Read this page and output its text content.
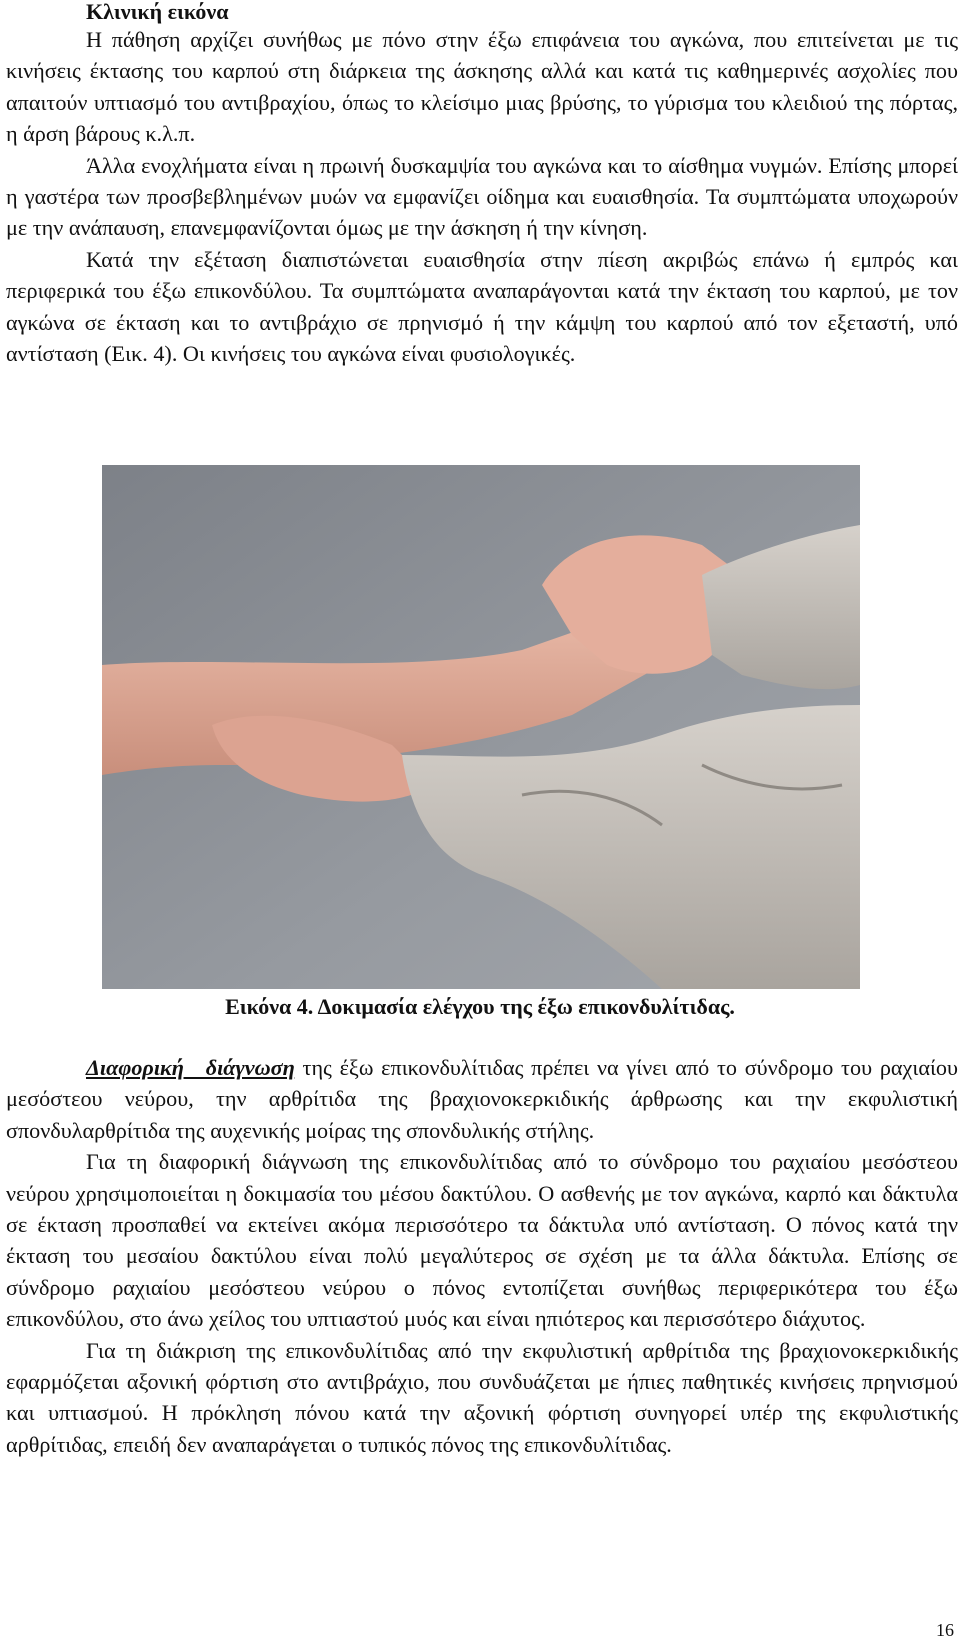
Κλινική εικόνα

Η πάθηση αρχίζει συνήθως με πόνο στην έξω επιφάνεια του αγκώνα, που επιτείνεται με τις κινήσεις έκτασης του καρπού στη διάρκεια της άσκησης αλλά και κατά τις καθημερινές ασχολίες που απαιτούν υπτιασμό του αντιβραχίου, όπως το κλείσιμο μιας βρύσης, το γύρισμα του κλειδιού της πόρτας, η άρση βάρους κ.λ.π.

Άλλα ενοχλήματα είναι η πρωινή δυσκαμψία του αγκώνα και το αίσθημα νυγμών. Επίσης μπορεί η γαστέρα των προσβεβλημένων μυών να εμφανίζει οίδημα και ευαισθησία. Τα συμπτώματα υποχωρούν με την ανάπαυση, επανεμφανίζονται όμως με την άσκηση ή την κίνηση.

Κατά την εξέταση διαπιστώνεται ευαισθησία στην πίεση ακριβώς επάνω ή εμπρός και περιφερικά του έξω επικονδύλου. Τα συμπτώματα αναπαράγονται κατά την έκταση του καρπού, με τον αγκώνα σε έκταση και το αντιβράχιο σε πρηνισμό ή την κάμψη του καρπού από τον εξεταστή, υπό αντίσταση (Εικ. 4). Οι κινήσεις του αγκώνα είναι φυσιολογικές.

Εικόνα 4. Δοκιμασία ελέγχου της έξω επικονδυλίτιδας.

Διαφορική διάγνωση της έξω επικονδυλίτιδας πρέπει να γίνει από το σύνδρομο του ραχιαίου μεσόστεου νεύρου, την αρθρίτιδα της βραχιονοκερκιδικής άρθρωσης και την εκφυλιστική σπονδυλαρθρίτιδα της αυχενικής μοίρας της σπονδυλικής στήλης.

Για τη διαφορική διάγνωση της επικονδυλίτιδας από το σύνδρομο του ραχιαίου μεσόστεου νεύρου χρησιμοποιείται η δοκιμασία του μέσου δακτύλου. Ο ασθενής με τον αγκώνα, καρπό και δάκτυλα σε έκταση προσπαθεί να εκτείνει ακόμα περισσότερο τα δάκτυλα υπό αντίσταση. Ο πόνος κατά την έκταση του μεσαίου δακτύλου είναι πολύ μεγαλύτερος σε σχέση με τα άλλα δάκτυλα. Επίσης σε σύνδρομο ραχιαίου μεσόστεου νεύρου ο πόνος εντοπίζεται συνήθως περιφερικότερα του έξω επικονδύλου, στο άνω χείλος του υπτιαστού μυός και είναι ηπιότερος και περισσότερο διάχυτος.

Για τη διάκριση της επικονδυλίτιδας από την εκφυλιστική αρθρίτιδα της βραχιονοκερκιδικής εφαρμόζεται αξονική φόρτιση στο αντιβράχιο, που συνδυάζεται με ήπιες παθητικές κινήσεις πρηνισμού και υπτιασμού. Η πρόκληση πόνου κατά την αξονική φόρτιση συνηγορεί υπέρ της εκφυλιστικής αρθρίτιδας, επειδή δεν αναπαράγεται ο τυπικός πόνος της επικονδυλίτιδας.

16
